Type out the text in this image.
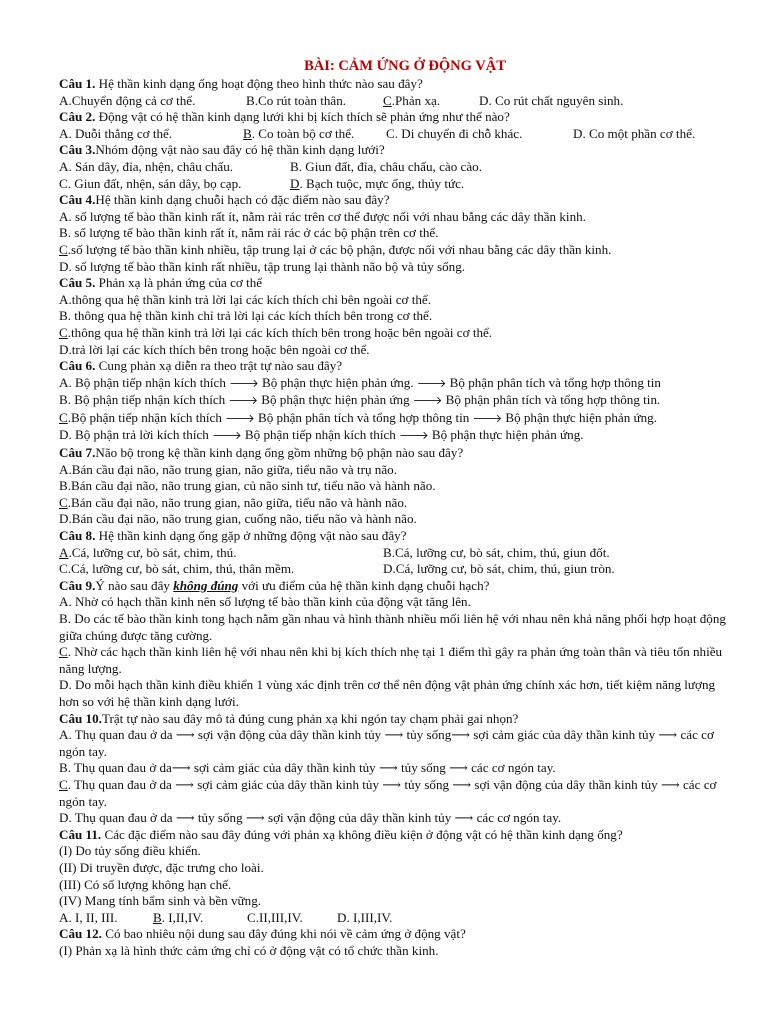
BÀI: CẢM ỨNG Ở ĐỘNG VẬT
Câu 1. Hệ thần kinh dạng ống hoạt động theo hình thức nào sau đây?
A.Chuyển động cả cơ thể.	B.Co rút toàn thân.	C.Phản xạ.	D. Co rút chất nguyên sinh.
Câu 2. Động vật có hệ thần kinh dạng lưới khi bị kích thích sẽ phản ứng như thế nào?
A. Duỗi thẳng cơ thể.	B. Co toàn bộ cơ thể.	C. Di chuyển đi chỗ khác.	D. Co một phần cơ thể.
Câu 3.Nhóm động vật nào sau đây có hệ thần kinh dạng lưới?
A. Sán dây, đỉa, nhện, châu chấu.	B. Giun đất, đỉa, châu chấu, cào cào.
C. Giun đất, nhện, sán dây, bọ cạp.	D. Bạch tuộc, mực ống, thủy tức.
Câu 4.Hệ thần kinh dạng chuỗi hạch có đặc điểm nào sau đây?
A. số lượng tế bào thần kinh rất ít, nằm rải rác trên cơ thể được nối với nhau bằng các dây thần kinh.
B. số lượng tế bào thần kinh rất ít, nằm rải rác ở các bộ phận trên cơ thể.
C.số lượng tế bào thần kinh nhiều, tập trung lại ở các bộ phận, được nối với nhau bằng các dây thần kinh.
D. số lượng tế bào thần kinh rất nhiều, tập trung lại thành não bộ và tủy sống.
Câu 5. Phản xạ là phản ứng của cơ thể
A.thông qua hệ thần kinh trả lời lại các kích thích chỉ bên ngoài cơ thể.
B. thông qua hệ thần kinh chỉ trả lời lại các kích thích bên trong cơ thể.
C.thông qua hệ thần kinh trả lời lại các kích thích bên trong hoặc bên ngoài cơ thể.
D.trả lời lại các kích thích bên trong hoặc bên ngoài cơ thể.
Câu 6. Cung phản xạ diễn ra theo trật tự nào sau đây?
A. Bộ phận tiếp nhận kích thích 🡒 Bộ phận thực hiện phản ứng. 🡒 Bộ phận phân tích và tổng hợp thông tin
B. Bộ phận tiếp nhận kích thích 🡒 Bộ phận thực hiện phản ứng 🡒 Bộ phận phân tích và tổng hợp thông tin.
C.Bộ phận tiếp nhận kích thích 🡒 Bộ phận phân tích và tổng hợp thông tin 🡒 Bộ phận thực hiện phản ứng.
D. Bộ phận trả lời kích thích 🡒 Bộ phận tiếp nhận kích thích 🡒 Bộ phận thực hiện phản ứng.
Câu 7.Não bộ trong kệ thần kinh dạng ống gồm những bộ phận nào sau đây?
A.Bán cầu đại não, não trung gian, não giữa, tiểu não và trụ não.
B.Bán cầu đại não, não trung gian, củ não sinh tư, tiểu não và hành não.
C.Bán cầu đại não, não trung gian, não giữa, tiểu não và hành não.
D.Bán cầu đại não, não trung gian, cuống não, tiểu não và hành não.
Câu 8. Hệ thần kinh dạng ống gặp ở những động vật nào sau đây?
A.Cá, lưỡng cư, bò sát, chim, thú.	B.Cá, lưỡng cư, bò sát, chim, thú, giun đốt.
C.Cá, lưỡng cư, bò sát, chim, thú, thân mềm.	D.Cá, lưỡng cư, bò sát, chim, thú, giun tròn.
Câu 9.Ý nào sau đây không đúng với ưu điểm của hệ thần kinh dạng chuỗi hạch?
A. Nhờ có hạch thần kinh nên số lượng tế bào thần kinh của động vật tăng lên.
B. Do các tế bào thần kinh tong hạch nằm gần nhau và hình thành nhiều mối liên hệ với nhau nên khả năng phối hợp hoạt động giữa chúng được tăng cường.
C. Nhờ các hạch thần kinh liên hệ với nhau nên khi bị kích thích nhẹ tại 1 điểm thì gây ra phản ứng toàn thân và tiêu tốn nhiều năng lượng.
D. Do mỗi hạch thần kinh điều khiển 1 vùng xác định trên cơ thể nên động vật phản ứng chính xác hơn, tiết kiệm năng lượng hơn so với hệ thần kinh dạng lưới.
Câu 10.Trật tự nào sau đây mô tả đúng cung phản xạ khi ngón tay chạm phải gai nhọn?
A. Thụ quan đau ở da ⟶ sợi vận động của dây thần kinh tủy ⟶ tủy sống⟶ sợi cảm giác của dây thần kinh tủy ⟶ các cơ ngón tay.
B. Thụ quan đau ở da⟶ sợi cảm giác của dây thần kinh tủy ⟶ tủy sống ⟶ các cơ ngón tay.
C. Thụ quan đau ở da ⟶ sợi cảm giác của dây thần kinh tủy ⟶ tủy sống ⟶ sợi vận động của dây thần kinh tủy ⟶ các cơ ngón tay.
D. Thụ quan đau ở da ⟶ tủy sống ⟶ sợi vận động của dây thần kinh tủy ⟶ các cơ ngón tay.
Câu 11. Các đặc điểm nào sau đây đúng với phản xạ không điều kiện ở động vật có hệ thần kinh dạng ống?
(I) Do tủy sống điều khiển.
(II) Di truyền được, đặc trưng cho loài.
(III) Có số lượng không hạn chế.
(IV) Mang tính bẩm sinh và bền vững.
A. I, II, III.	B. I,II,IV.	C.II,III,IV.	D. I,III,IV.
Câu 12. Có bao nhiêu nội dung sau đây đúng khi nói về cảm ứng ở động vật?
(I) Phản xạ là hình thức cảm ứng chỉ có ở động vật có tổ chức thần kinh.
